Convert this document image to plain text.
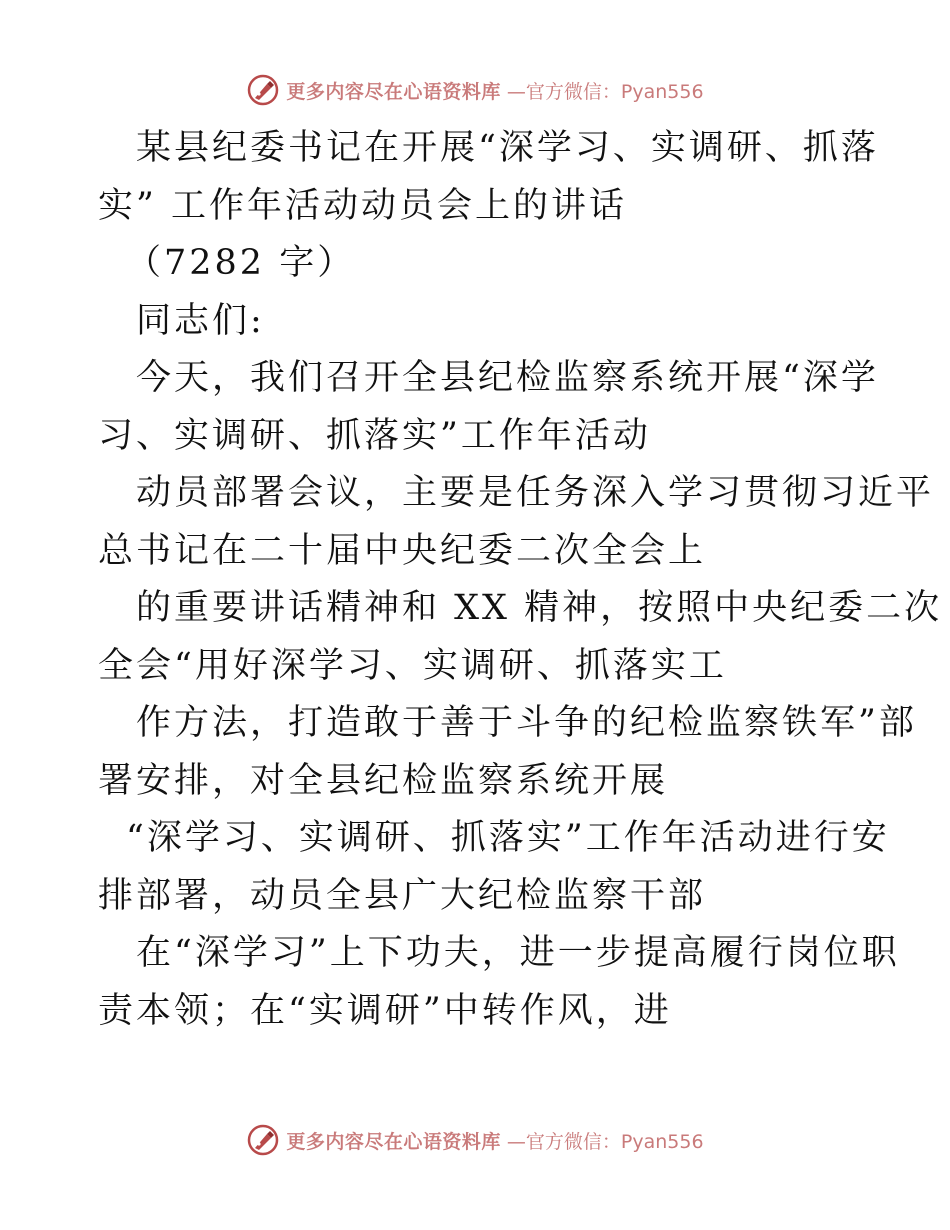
更多内容尽在心语资料库 —官方微信：Pyan556
某县纪委书记在开展“深学习、实调研、抓落
实” 工作年活动动员会上的讲话
（7282 字）
同志们:
今天，我们召开全县纪检监察系统开展“深学
习、实调研、抓落实”工作年活动
动员部署会议，主要是任务深入学习贯彻习近平
总书记在二十届中央纪委二次全会上
的重要讲话精神和 XX 精神，按照中央纪委二次
全会“用好深学习、实调研、抓落实工
作方法，打造敢于善于斗争的纪检监察铁军”部
署安排，对全县纪检监察系统开展
“深学习、实调研、抓落实”工作年活动进行安
排部署，动员全县广大纪检监察干部
在“深学习”上下功夫，进一步提高履行岗位职
责本领；在“实调研”中转作风，进
更多内容尽在心语资料库 —官方微信：Pyan556
